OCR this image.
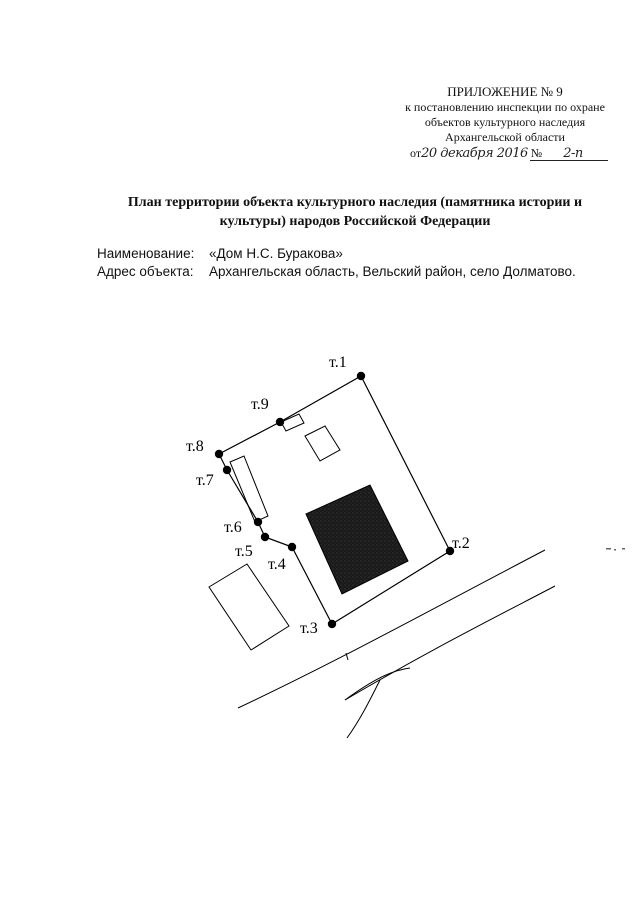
ПРИЛОЖЕНИЕ № 9
к постановлению инспекции по охране
объектов культурного наследия
Архангельской области
от20 декабря 2016 № 2-п
План территории объекта культурного наследия (памятника истории и культуры) народов Российской Федерации
Наименование:	«Дом Н.С. Буракова»
Адрес объекта:	Архангельская область, Вельский район, село Долматово.
т.1
т.2
т.3
т.4
т.5
т.6
т.7
т.8
т.9
